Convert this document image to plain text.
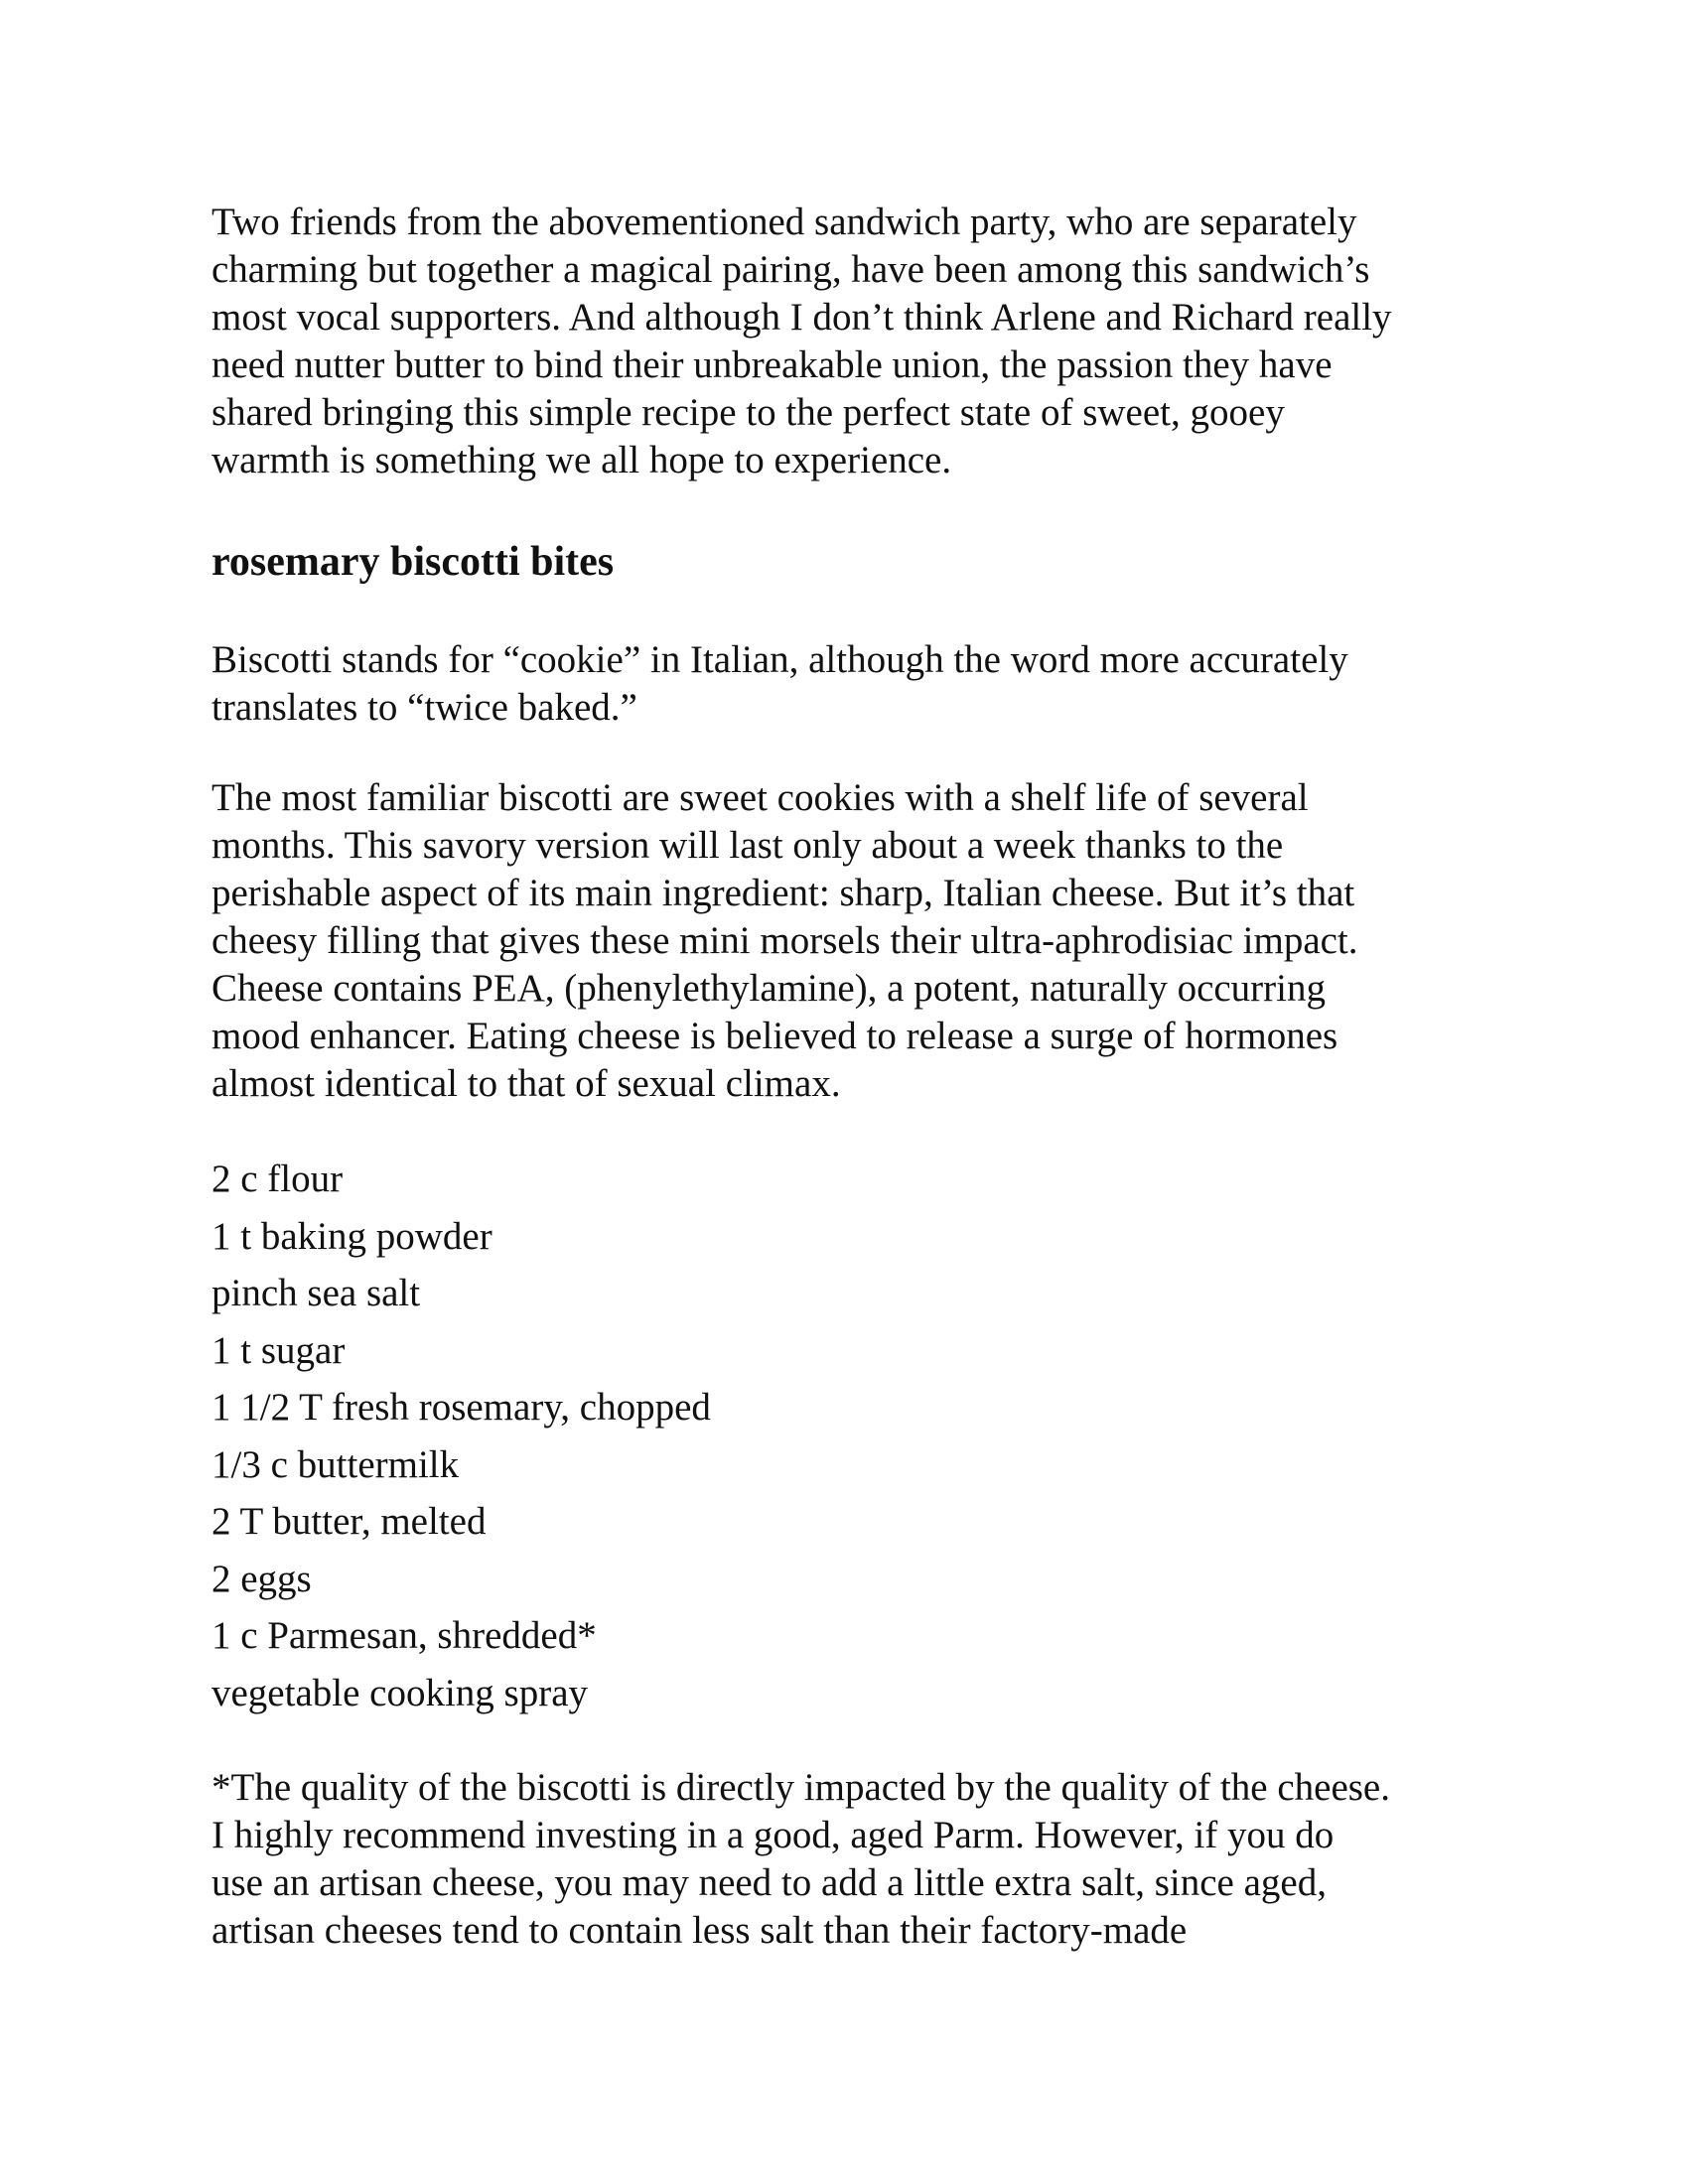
Two friends from the abovementioned sandwich party, who are separately
charming but together a magical pairing, have been among this sandwich’s
most vocal supporters. And although I don’t think Arlene and Richard really
need nutter butter to bind their unbreakable union, the passion they have
shared bringing this simple recipe to the perfect state of sweet, gooey
warmth is something we all hope to experience.

rosemary biscotti bites

Biscotti stands for “cookie” in Italian, although the word more accurately
translates to “twice baked.”

The most familiar biscotti are sweet cookies with a shelf life of several
months. This savory version will last only about a week thanks to the
perishable aspect of its main ingredient: sharp, Italian cheese. But it’s that
cheesy filling that gives these mini morsels their ultra-aphrodisiac impact.
Cheese contains PEA, (phenylethylamine), a potent, naturally occurring
mood enhancer. Eating cheese is believed to release a surge of hormones
almost identical to that of sexual climax.

2 c flour
1 t baking powder
pinch sea salt
1 t sugar
1 1/2 T fresh rosemary, chopped
1/3 c buttermilk
2 T butter, melted
2 eggs
1 c Parmesan, shredded*
vegetable cooking spray

*The quality of the biscotti is directly impacted by the quality of the cheese.
I highly recommend investing in a good, aged Parm. However, if you do
use an artisan cheese, you may need to add a little extra salt, since aged,
artisan cheeses tend to contain less salt than their factory-made
